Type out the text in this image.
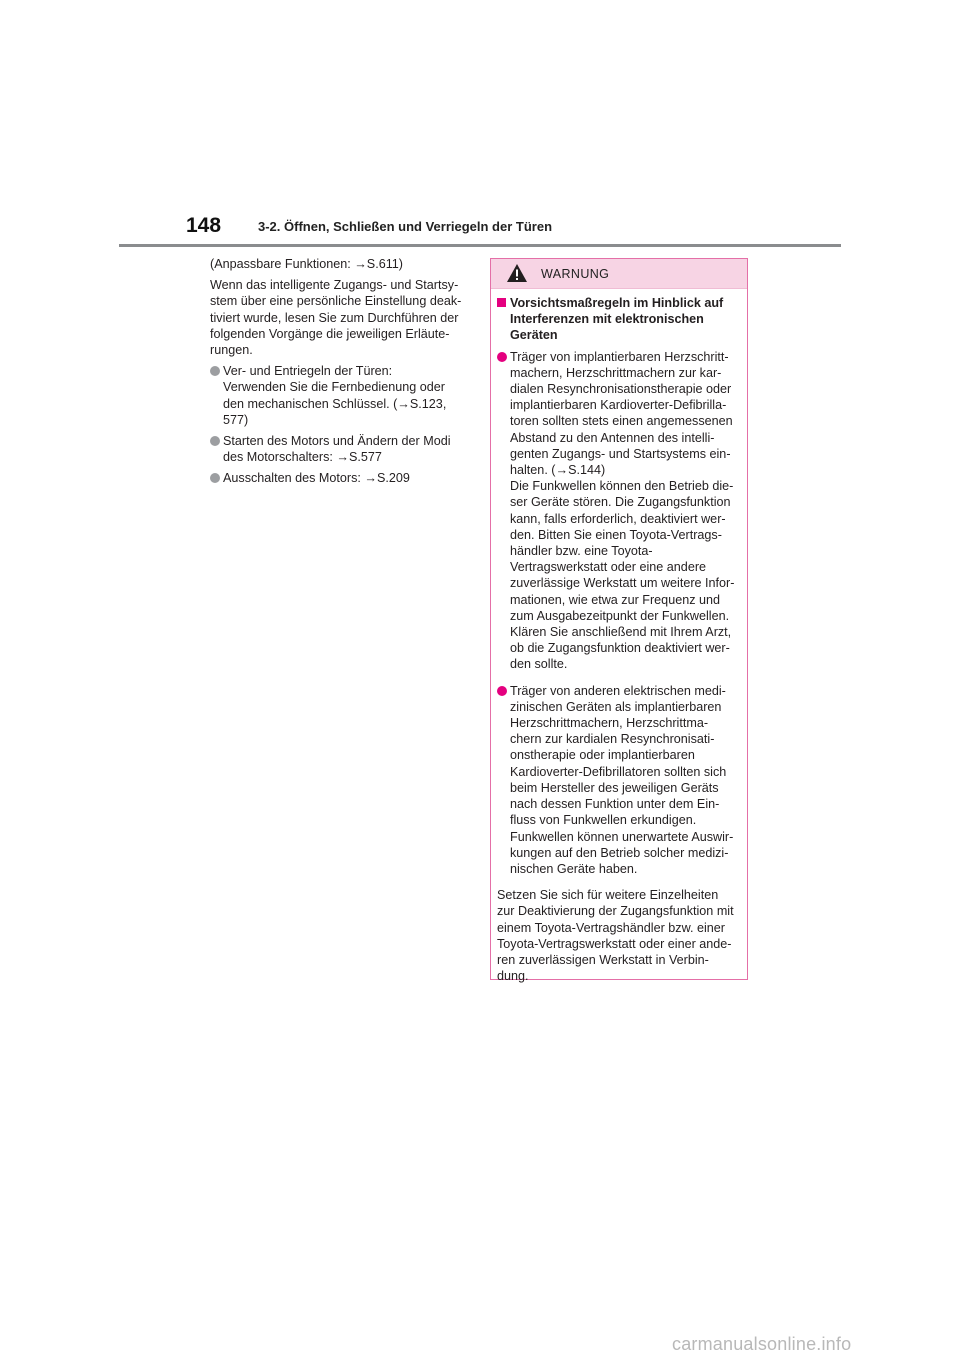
148	3-2. Öffnen, Schließen und Verriegeln der Türen

(Anpassbare Funktionen: →S.611)

Wenn das intelligente Zugangs- und Startsy-
stem über eine persönliche Einstellung deak-
tiviert wurde, lesen Sie zum Durchführen der
folgenden Vorgänge die jeweiligen Erläute-
rungen.

Ver- und Entriegeln der Türen:
Verwenden Sie die Fernbedienung oder
den mechanischen Schlüssel. (→S.123,
577)
Starten des Motors und Ändern der Modi
des Motorschalters: →S.577
Ausschalten des Motors: →S.209
WARNUNG
Vorsichtsmaßregeln im Hinblick auf
Interferenzen mit elektronischen
Geräten
Träger von implantierbaren Herzschritt-
machern, Herzschrittmachern zur kar-
dialen Resynchronisationstherapie oder
implantierbaren Kardioverter-Defibrilla-
toren sollten stets einen angemessenen
Abstand zu den Antennen des intelli-
genten Zugangs- und Startsystems ein-
halten. (→S.144)
Die Funkwellen können den Betrieb die-
ser Geräte stören. Die Zugangsfunktion
kann, falls erforderlich, deaktiviert wer-
den. Bitten Sie einen Toyota-Vertrags-
händler bzw. eine Toyota-
Vertragswerkstatt oder eine andere
zuverlässige Werkstatt um weitere Infor-
mationen, wie etwa zur Frequenz und
zum Ausgabezeitpunkt der Funkwellen.
Klären Sie anschließend mit Ihrem Arzt,
ob die Zugangsfunktion deaktiviert wer-
den sollte.
Träger von anderen elektrischen medi-
zinischen Geräten als implantierbaren
Herzschrittmachern, Herzschrittma-
chern zur kardialen Resynchronisati-
onstherapie oder implantierbaren
Kardioverter-Defibrillatoren sollten sich
beim Hersteller des jeweiligen Geräts
nach dessen Funktion unter dem Ein-
fluss von Funkwellen erkundigen.
Funkwellen können unerwartete Auswir-
kungen auf den Betrieb solcher medizi-
nischen Geräte haben.

Setzen Sie sich für weitere Einzelheiten
zur Deaktivierung der Zugangsfunktion mit
einem Toyota-Vertragshändler bzw. einer
Toyota-Vertragswerkstatt oder einer ande-
ren zuverlässigen Werkstatt in Verbin-
dung.

carmanualsonline.info
